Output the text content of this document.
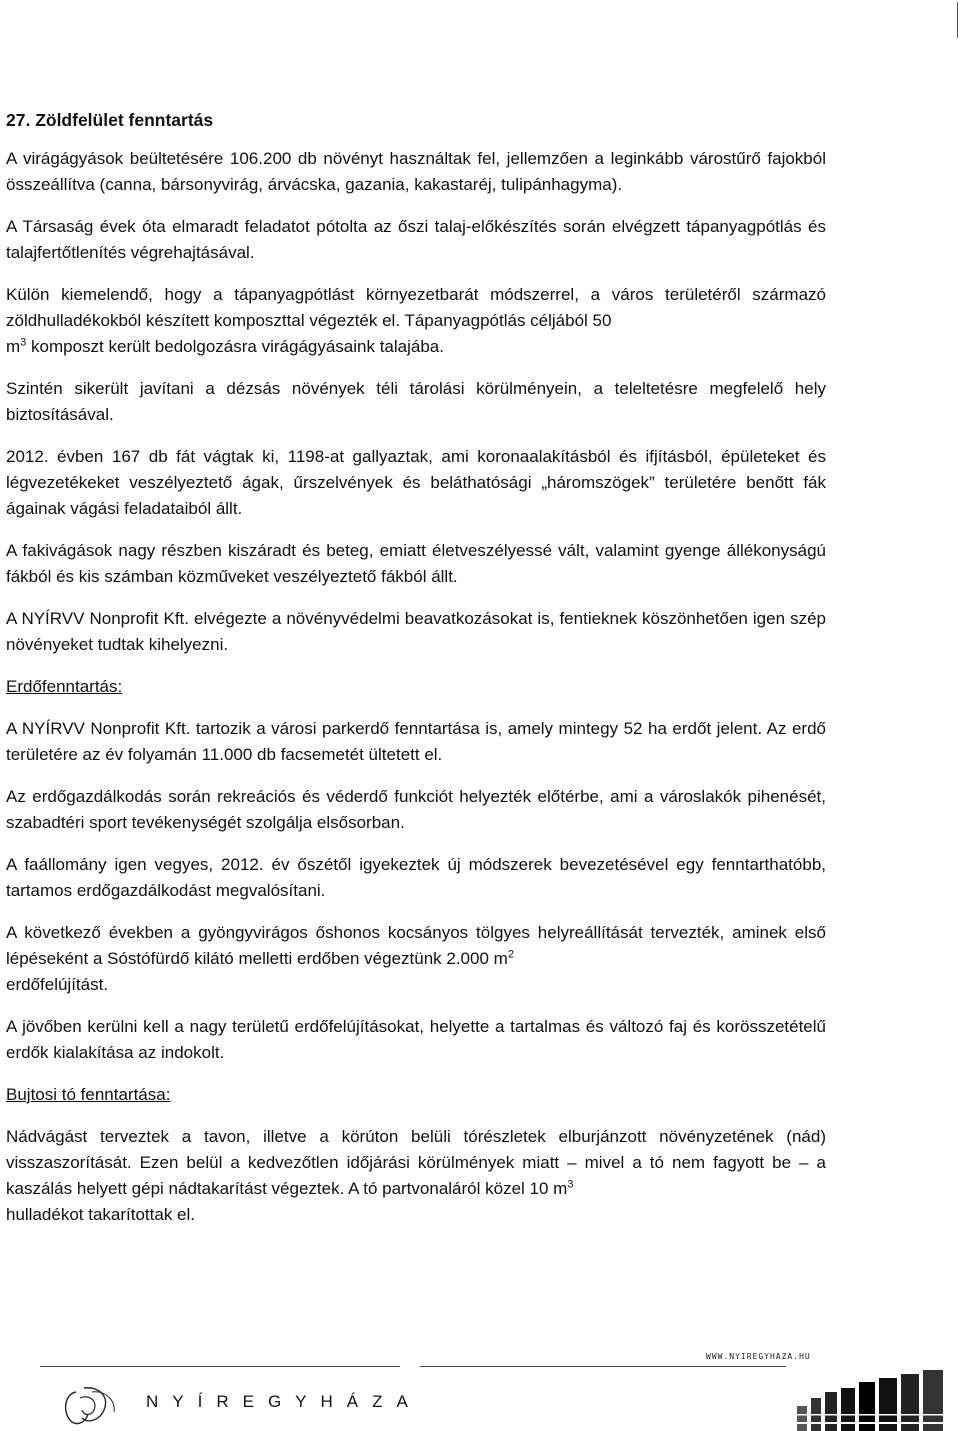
27. Zöldfelület fenntartás

A virágágyások beültetésére 106.200 db növényt használtak fel, jellemzően a leginkább várostűrő fajokból összeállítva (canna, bársonyvirág, árvácska, gazania, kakastaréj, tulipánhagyma).

A Társaság évek óta elmaradt feladatot pótolta az őszi talaj-előkészítés során elvégzett tápanyagpótlás és talajfertőtlenítés végrehajtásával.

Külön kiemelendő, hogy a tápanyagpótlást környezetbarát módszerrel, a város területéről származó zöldhulladékokból készített komposzttal végezték el. Tápanyagpótlás céljából 50
$m^3$ komposzt került bedolgozásra virágágyásaink talajába.

Szintén sikerült javítani a dézsás növények téli tárolási körülményein, a teleltetésre megfelelő hely biztosításával.

2012. évben 167 db fát vágtak ki, 1198-at gallyaztak, ami koronaalakításból és ifjításból, épületeket és légvezetékeket veszélyeztető ágak, űrszelvények és beláthatósági „háromszögek” területére benőtt fák ágainak vágási feladataiból állt.

A fakivágások nagy részben kiszáradt és beteg, emiatt életveszélyessé vált, valamint gyenge állékonyságú fákból és kis számban közműveket veszélyeztető fákból állt.

A NYÍRVV Nonprofit Kft. elvégezte a növényvédelmi beavatkozásokat is, fentieknek köszönhetően igen szép növényeket tudtak kihelyezni.

Erdőfenntartás:

A NYÍRVV Nonprofit Kft. tartozik a városi parkerdő fenntartása is, amely mintegy 52 ha erdőt jelent. Az erdő területére az év folyamán 11.000 db facsemetét ültetett el.

Az erdőgazdálkodás során rekreációs és véderdő funkciót helyezték előtérbe, ami a városlakók pihenését, szabadtéri sport tevékenységét szolgálja elsősorban.

A faállomány igen vegyes, 2012. év őszétől igyekeztek új módszerek bevezetésével egy fenntarthatóbb, tartamos erdőgazdálkodást megvalósítani.

A következő években a gyöngyvirágos őshonos kocsányos tölgyes helyreállítását tervezték, aminek első lépéseként a Sóstófürdő kilátó melletti erdőben végeztünk 2.000 $m^2$
erdőfelújítást.

A jövőben kerülni kell a nagy területű erdőfelújításokat, helyette a tartalmas és változó faj és korösszetételű erdők kialakítása az indokolt.

Bujtosi tó fenntartása:

Nádvágást terveztek a tavon, illetve a körúton belüli tórészletek elburjánzott növényzetének (nád) visszaszorítását. Ezen belül a kedvezőtlen időjárási körülmények miatt – mivel a tó nem fagyott be – a kaszálás helyett gépi nádtakarítást végeztek. A tó partvonaláról közel 10 $m^3$
hulladékot takarítottak el.

WWW.NYIREGYHAZA.HU
NYÍREGYHÁZA
